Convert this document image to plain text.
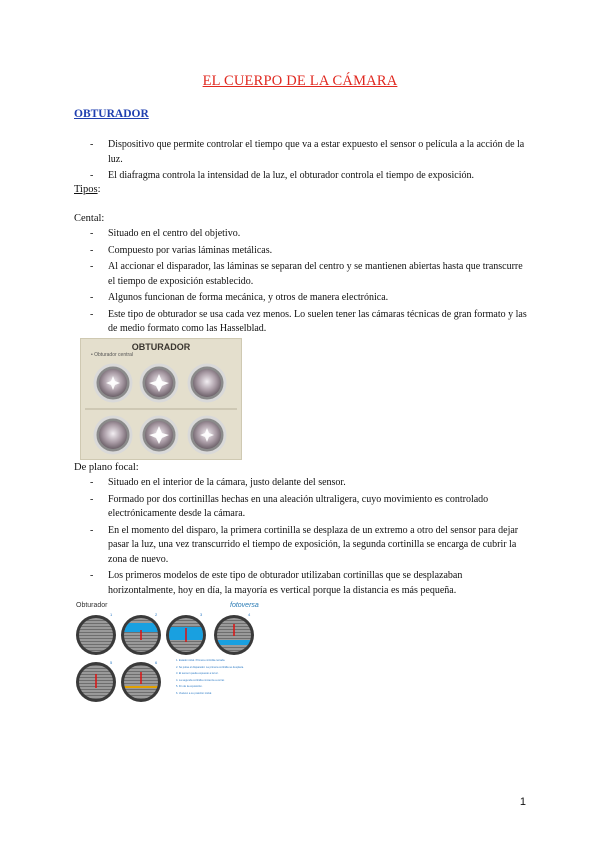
EL CUERPO DE LA CÁMARA
OBTURADOR
- Dispositivo que permite controlar el tiempo que va a estar expuesto el sensor o película a la acción de la luz.
- El diafragma controla la intensidad de la luz, el obturador controla el tiempo de exposición.
Tipos:
Cental:
- Situado en el centro del objetivo.
- Compuesto por varias láminas metálicas.
- Al accionar el disparador, las láminas se separan del centro y se mantienen abiertas hasta que transcurre el tiempo de exposición establecido.
- Algunos funcionan de forma mecánica, y otros de manera electrónica.
- Este tipo de obturador se usa cada vez menos. Lo suelen tener las cámaras técnicas de gran formato y las de medio formato como las Hasselblad.
OBTURADOR
• Obturador central
De plano focal:
- Situado en el interior de la cámara, justo delante del sensor.
- Formado por dos cortinillas hechas en una aleación ultraligera, cuyo movimiento es controlado electrónicamente desde la cámara.
- En el momento del disparo, la primera cortinilla se desplaza de un extremo a otro del sensor para dejar pasar la luz, una vez transcurrido el tiempo de exposición, la segunda cortinilla se encarga de cubrir la zona de nuevo.
- Los primeros modelos de este tipo de obturador utilizaban cortinillas que se desplazaban horizontalmente, hoy en día, la mayoría es vertical porque la distancia es más pequeña.
Obturador	fotoversa
1	2	3	4
5	6	1. Estado inicial. Primera cortinilla cerrada.
2. Se pulsa el disparador. La primera cortinilla se desplaza.
3. El sensor queda expuesto a la luz.
4. La segunda cortinilla comienza a cerrar.
5. Fin de la exposición.
6. Vuelven a su posición inicial.
1
